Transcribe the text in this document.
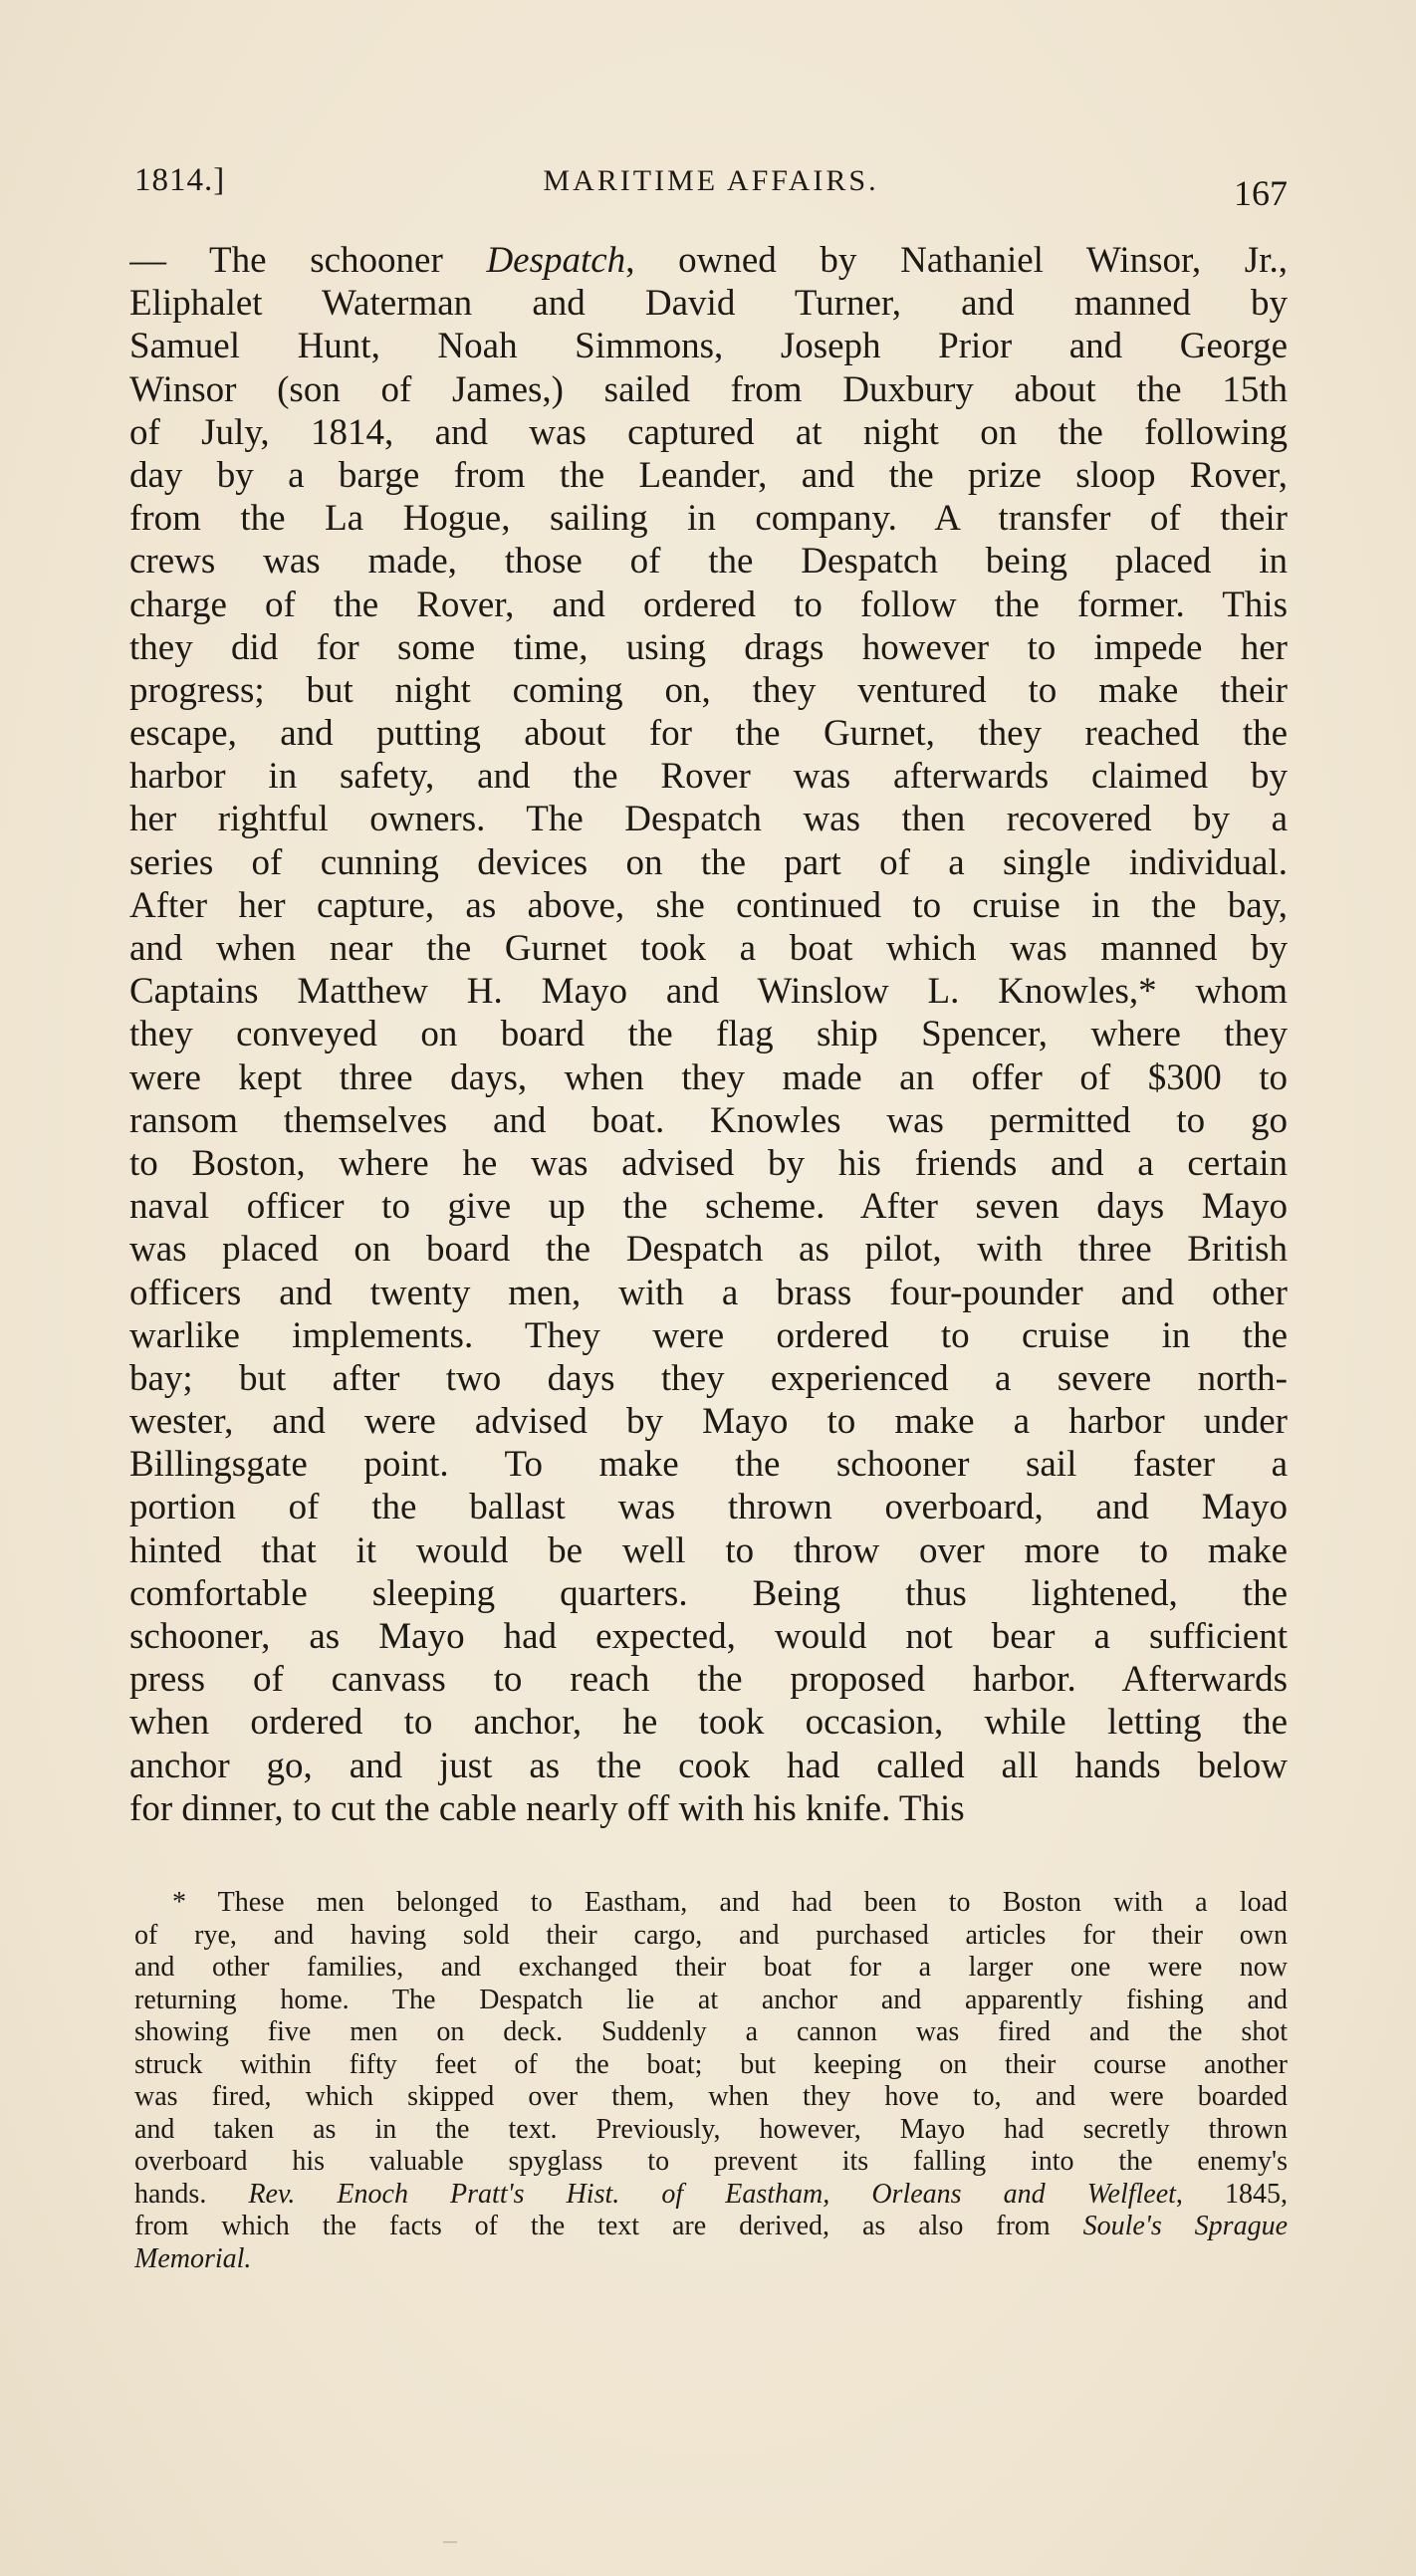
1814.]	MARITIME AFFAIRS.	167
— The schooner Despatch, owned by Nathaniel Winsor, Jr.,
Eliphalet Waterman and David Turner, and manned by
Samuel Hunt, Noah Simmons, Joseph Prior and George
Winsor (son of James,) sailed from Duxbury about the 15th
of July, 1814, and was captured at night on the following
day by a barge from the Leander, and the prize sloop Rover,
from the La Hogue, sailing in company. A transfer of their
crews was made, those of the Despatch being placed in
charge of the Rover, and ordered to follow the former. This
they did for some time, using drags however to impede her
progress; but night coming on, they ventured to make their
escape, and putting about for the Gurnet, they reached the
harbor in safety, and the Rover was afterwards claimed by
her rightful owners. The Despatch was then recovered by a
series of cunning devices on the part of a single individual.
After her capture, as above, she continued to cruise in the bay,
and when near the Gurnet took a boat which was manned by
Captains Matthew H. Mayo and Winslow L. Knowles,* whom
they conveyed on board the flag ship Spencer, where they
were kept three days, when they made an offer of $300 to
ransom themselves and boat. Knowles was permitted to go
to Boston, where he was advised by his friends and a certain
naval officer to give up the scheme. After seven days Mayo
was placed on board the Despatch as pilot, with three British
officers and twenty men, with a brass four-pounder and other
warlike implements. They were ordered to cruise in the
bay; but after two days they experienced a severe north-
wester, and were advised by Mayo to make a harbor under
Billingsgate point. To make the schooner sail faster a
portion of the ballast was thrown overboard, and Mayo
hinted that it would be well to throw over more to make
comfortable sleeping quarters. Being thus lightened, the
schooner, as Mayo had expected, would not bear a sufficient
press of canvass to reach the proposed harbor. Afterwards
when ordered to anchor, he took occasion, while letting the
anchor go, and just as the cook had called all hands below
for dinner, to cut the cable nearly off with his knife. This
* These men belonged to Eastham, and had been to Boston with a load
of rye, and having sold their cargo, and purchased articles for their own
and other families, and exchanged their boat for a larger one were now
returning home. The Despatch lie at anchor and apparently fishing and
showing five men on deck. Suddenly a cannon was fired and the shot
struck within fifty feet of the boat; but keeping on their course another
was fired, which skipped over them, when they hove to, and were boarded
and taken as in the text. Previously, however, Mayo had secretly thrown
overboard his valuable spyglass to prevent its falling into the enemy's
hands. Rev. Enoch Pratt's Hist. of Eastham, Orleans and Welfleet, 1845,
from which the facts of the text are derived, as also from Soule's Sprague
Memorial.
